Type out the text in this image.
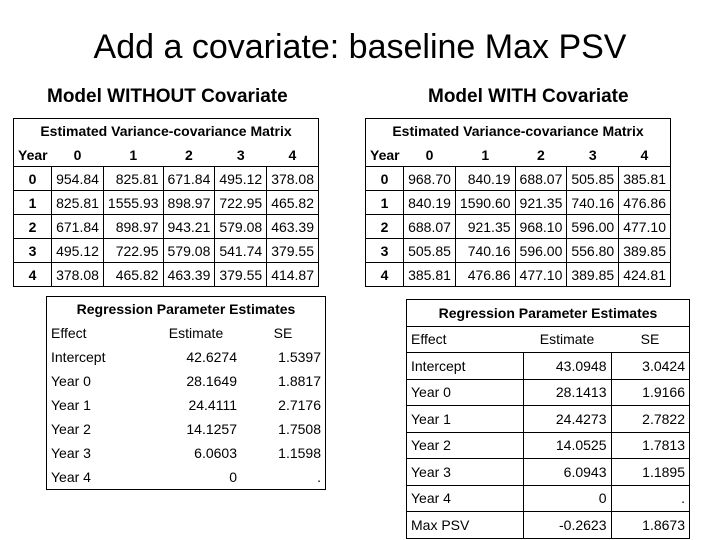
Add a covariate: baseline Max PSV
Model WITHOUT Covariate	Model WITH Covariate
Estimated Variance-covariance Matrix					
Year	0	1	2	3	4
0	954.84	825.81	671.84	495.12	378.08
1	825.81	1555.93	898.97	722.95	465.82
2	671.84	898.97	943.21	579.08	463.39
3	495.12	722.95	579.08	541.74	379.55
4	378.08	465.82	463.39	379.55	414.87
Estimated Variance-covariance Matrix					
Year	0	1	2	3	4
0	968.70	840.19	688.07	505.85	385.81
1	840.19	1590.60	921.35	740.16	476.86
2	688.07	921.35	968.10	596.00	477.10
3	505.85	740.16	596.00	556.80	389.85
4	385.81	476.86	477.10	389.85	424.81
Regression Parameter Estimates		
Effect	Estimate	SE
Intercept	42.6274	1.5397
Year 0	28.1649	1.8817
Year 1	24.4111	2.7176
Year 2	14.1257	1.7508
Year 3	6.0603	1.1598
Year 4	0	.
Regression Parameter Estimates		
Effect	Estimate	SE
Intercept	43.0948	3.0424
Year 0	28.1413	1.9166
Year 1	24.4273	2.7822
Year 2	14.0525	1.7813
Year 3	6.0943	1.1895
Year 4	0	.
Max PSV	-0.2623	1.8673
